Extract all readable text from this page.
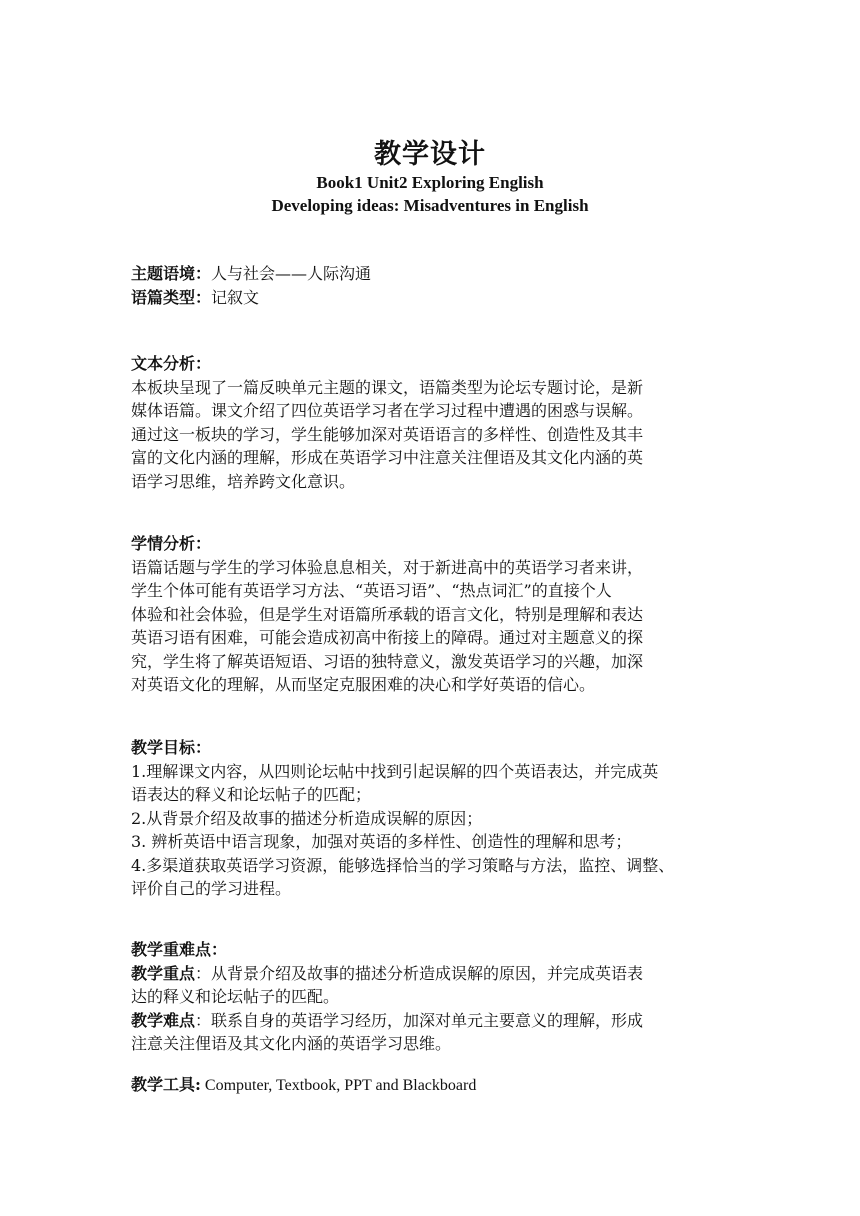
教学设计
Book1 Unit2 Exploring English
Developing ideas: Misadventures in English
主题语境：人与社会——人际沟通
语篇类型：记叙文
文本分析：
本板块呈现了一篇反映单元主题的课文，语篇类型为论坛专题讨论，是新
媒体语篇。课文介绍了四位英语学习者在学习过程中遭遇的困惑与误解。
通过这一板块的学习，学生能够加深对英语语言的多样性、创造性及其丰
富的文化内涵的理解，形成在英语学习中注意关注俚语及其文化内涵的英
语学习思维，培养跨文化意识。
学情分析：
语篇话题与学生的学习体验息息相关，对于新进高中的英语学习者来讲，
学生个体可能有英语学习方法、“英语习语”、“热点词汇”的直接个人
体验和社会体验，但是学生对语篇所承载的语言文化，特别是理解和表达
英语习语有困难，可能会造成初高中衔接上的障碍。通过对主题意义的探
究，学生将了解英语短语、习语的独特意义，激发英语学习的兴趣，加深
对英语文化的理解，从而坚定克服困难的决心和学好英语的信心。
教学目标：
1.理解课文内容，从四则论坛帖中找到引起误解的四个英语表达，并完成英
语表达的释义和论坛帖子的匹配；
2.从背景介绍及故事的描述分析造成误解的原因；
3. 辨析英语中语言现象，加强对英语的多样性、创造性的理解和思考；
4.多渠道获取英语学习资源，能够选择恰当的学习策略与方法，监控、调整、
评价自己的学习进程。
教学重难点：
教学重点：从背景介绍及故事的描述分析造成误解的原因，并完成英语表
达的释义和论坛帖子的匹配。
教学难点：联系自身的英语学习经历，加深对单元主要意义的理解，形成
注意关注俚语及其文化内涵的英语学习思维。
教学工具: Computer, Textbook, PPT and Blackboard
